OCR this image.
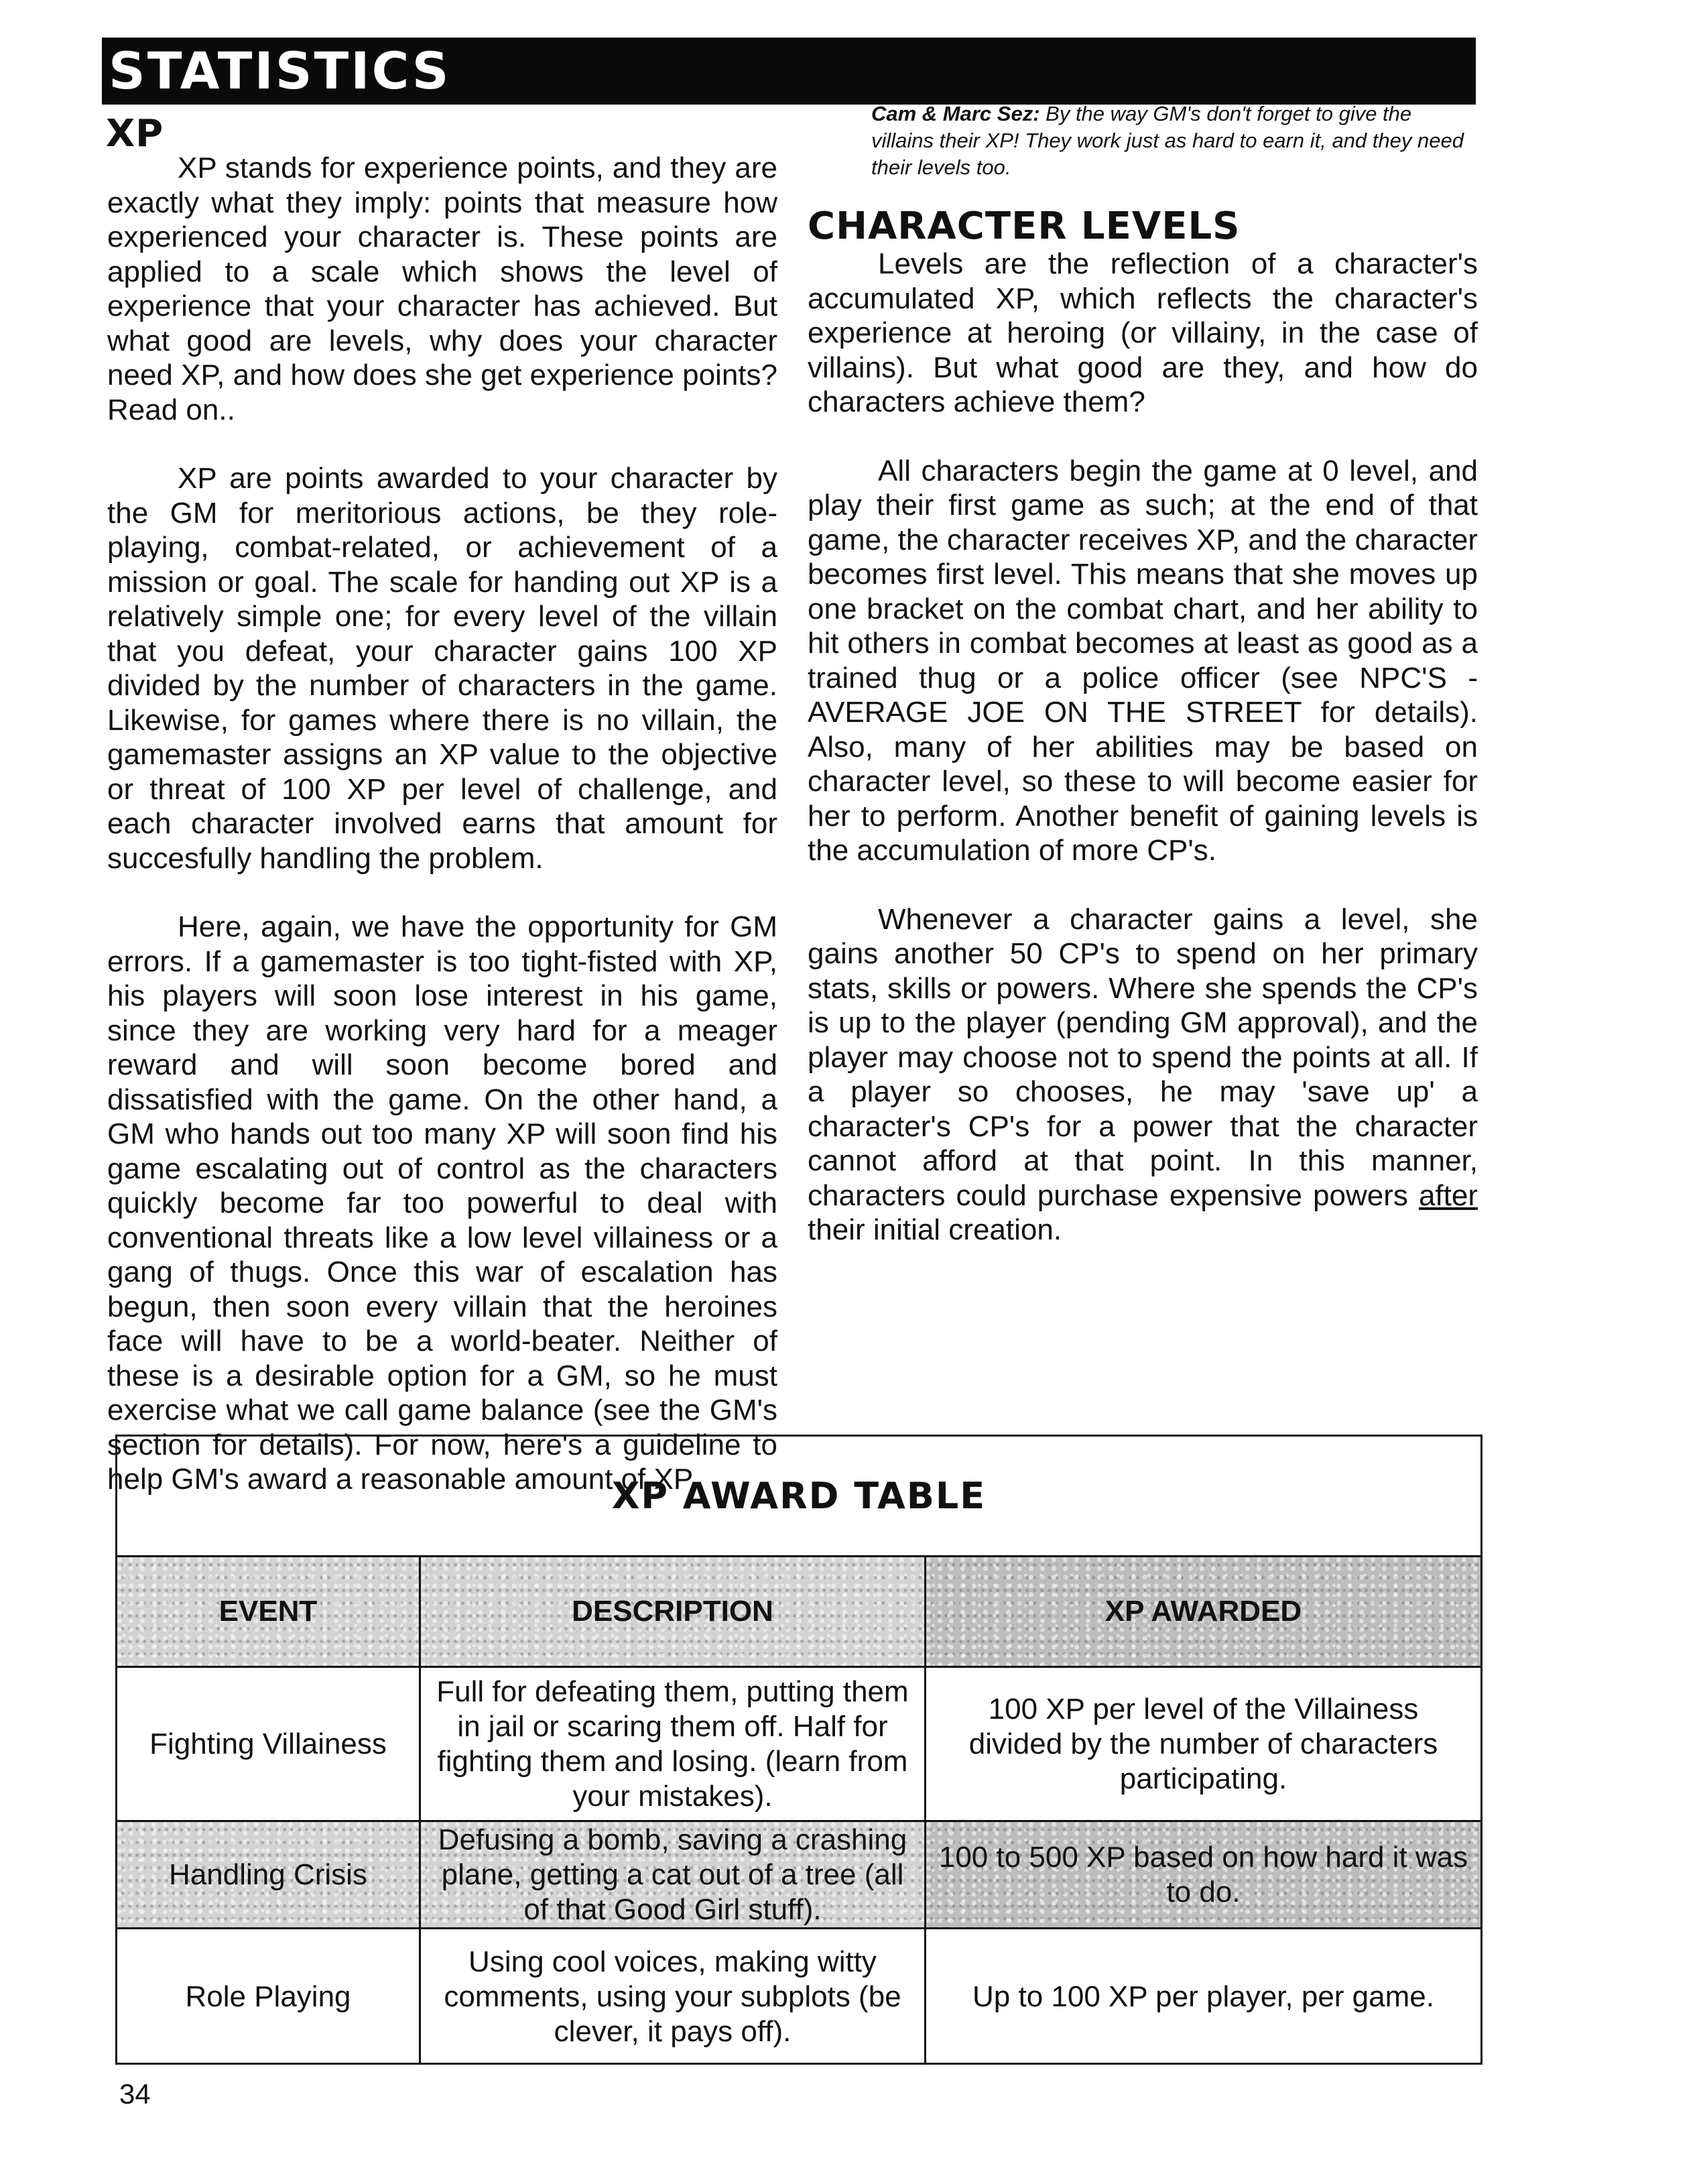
STATISTICS
XP

XP stands for experience points, and they are exactly what they imply: points that measure how experienced your character is. These points are applied to a scale which shows the level of experience that your character has achieved. But what good are levels, why does your character need XP, and how does she get experience points? Read on..

XP are points awarded to your character by the GM for meritorious actions, be they role-playing, combat-related, or achievement of a mission or goal. The scale for handing out XP is a relatively simple one; for every level of the villain that you defeat, your character gains 100 XP divided by the number of characters in the game. Likewise, for games where there is no villain, the gamemaster assigns an XP value to the objective or threat of 100 XP per level of challenge, and each character involved earns that amount for succesfully handling the problem.

Here, again, we have the opportunity for GM errors. If a gamemaster is too tight-fisted with XP, his players will soon lose interest in his game, since they are working very hard for a meager reward and will soon become bored and dissatisfied with the game. On the other hand, a GM who hands out too many XP will soon find his game escalating out of control as the characters quickly become far too powerful to deal with conventional threats like a low level villainess or a gang of thugs. Once this war of escalation has begun, then soon every villain that the heroines face will have to be a world-beater. Neither of these is a desirable option for a GM, so he must exercise what we call game balance (see the GM's section for details). For now, here's a guideline to help GM's award a reasonable amount of XP.

Cam & Marc Sez: By the way GM's don't forget to give the villains their XP! They work just as hard to earn it, and they need their levels too.

CHARACTER LEVELS

Levels are the reflection of a character's accumulated XP, which reflects the character's experience at heroing (or villainy, in the case of villains). But what good are they, and how do characters achieve them?

All characters begin the game at 0 level, and play their first game as such; at the end of that game, the character receives XP, and the character becomes first level. This means that she moves up one bracket on the combat chart, and her ability to hit others in combat becomes at least as good as a trained thug or a police officer (see NPC'S - AVERAGE JOE ON THE STREET for details). Also, many of her abilities may be based on character level, so these to will become easier for her to perform. Another benefit of gaining levels is the accumulation of more CP's.

Whenever a character gains a level, she gains another 50 CP's to spend on her primary stats, skills or powers. Where she spends the CP's is up to the player (pending GM approval), and the player may choose not to spend the points at all. If a player so chooses, he may 'save up' a character's CP's for a power that the character cannot afford at that point. In this manner, characters could purchase expensive powers after their initial creation.

XP AWARD TABLE
EVENT	DESCRIPTION	XP AWARDED
Fighting Villainess
Full for defeating them, putting them in jail or scaring them off. Half for fighting them and losing. (learn from your mistakes).
100 XP per level of the Villainess divided by the number of characters participating.
Handling Crisis
Defusing a bomb, saving a crashing plane, getting a cat out of a tree (all of that Good Girl stuff).
100 to 500 XP based on how hard it was to do.
Role Playing
Using cool voices, making witty comments, using your subplots (be clever, it pays off).
Up to 100 XP per player, per game.
34
